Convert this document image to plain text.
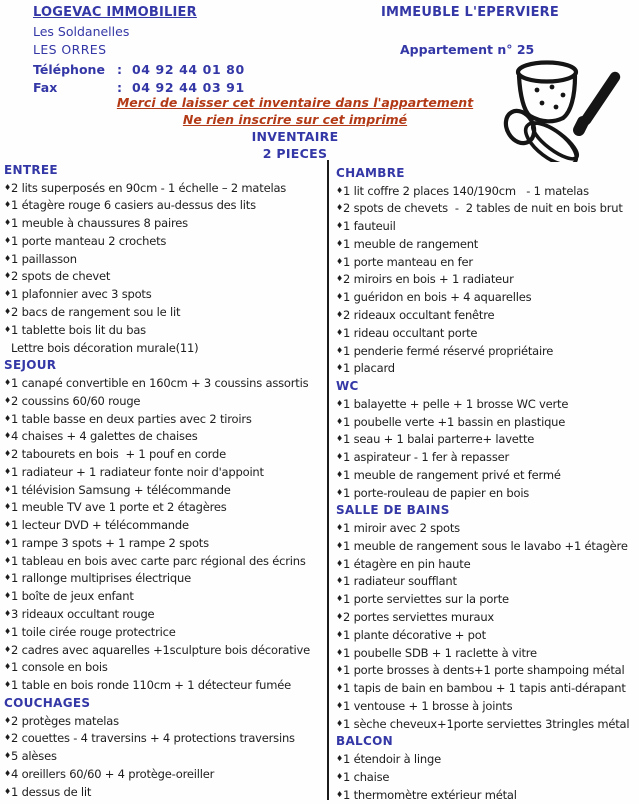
LOGEVAC IMMOBILIER	IMMEUBLE L'EPERVIERE
Les Soldanelles
LES ORRES	Appartement n° 25
Téléphone : 04 92 44 01 80
Fax	: 04 92 44 03 91
Merci de laisser cet inventaire dans l'appartement
Ne rien inscrire sur cet imprimé
INVENTAIRE
2 PIECES
ENTREE
♦ 2 lits superposés en 90cm - 1 échelle – 2 matelas
♦ 1 étagère rouge 6 casiers au-dessus des lits
♦ 1 meuble à chaussures 8 paires
♦ 1 porte manteau 2 crochets
♦ 1 paillasson
♦ 2 spots de chevet
♦ 1 plafonnier avec 3 spots
♦ 2 bacs de rangement sou le lit
♦ 1 tablette bois lit du bas
Lettre bois décoration murale(11)
SEJOUR
♦ 1 canapé convertible en 160cm + 3 coussins assortis
♦ 2 coussins 60/60 rouge
♦ 1 table basse en deux parties avec 2 tiroirs
♦ 4 chaises + 4 galettes de chaises
♦ 2 tabourets en bois  + 1 pouf en corde
♦ 1 radiateur + 1 radiateur fonte noir d'appoint
♦ 1 télévision Samsung + télécommande
♦ 1 meuble TV ave 1 porte et 2 étagères
♦ 1 lecteur DVD + télécommande
♦ 1 rampe 3 spots + 1 rampe 2 spots
♦ 1 tableau en bois avec carte parc régional des écrins
♦ 1 rallonge multiprises électrique
♦ 1 boîte de jeux enfant
♦ 3 rideaux occultant rouge
♦ 1 toile cirée rouge protectrice
♦ 2 cadres avec aquarelles +1sculpture bois décorative
♦ 1 console en bois
♦ 1 table en bois ronde 110cm + 1 détecteur fumée
COUCHAGES
♦ 2 protèges matelas
♦ 2 couettes - 4 traversins + 4 protections traversins
♦ 5 alèses
♦ 4 oreillers 60/60 + 4 protège-oreiller
♦ 1 dessus de lit
CHAMBRE
♦ 1 lit coffre 2 places 140/190cm   - 1 matelas
♦ 2 spots de chevets  -  2 tables de nuit en bois brut
♦ 1 fauteuil
♦ 1 meuble de rangement
♦ 1 porte manteau en fer
♦ 2 miroirs en bois + 1 radiateur
♦ 1 guéridon en bois + 4 aquarelles
♦ 2 rideaux occultant fenêtre
♦ 1 rideau occultant porte
♦ 1 penderie fermé réservé propriétaire
♦ 1 placard
WC
♦ 1 balayette + pelle + 1 brosse WC verte
♦ 1 poubelle verte +1 bassin en plastique
♦ 1 seau + 1 balai parterre+ lavette
♦ 1 aspirateur - 1 fer à repasser
♦ 1 meuble de rangement privé et fermé
♦ 1 porte-rouleau de papier en bois
SALLE DE BAINS
♦ 1 miroir avec 2 spots
♦ 1 meuble de rangement sous le lavabo +1 étagère
♦ 1 étagère en pin haute
♦ 1 radiateur soufflant
♦ 1 porte serviettes sur la porte
♦ 2 portes serviettes muraux
♦ 1 plante décorative + pot
♦ 1 poubelle SDB + 1 raclette à vitre
♦ 1 porte brosses à dents+1 porte shampoing métal
♦ 1 tapis de bain en bambou + 1 tapis anti-dérapant
♦ 1 ventouse + 1 brosse à joints
♦ 1 sèche cheveux+1porte serviettes 3tringles métal
BALCON
♦ 1 étendoir à linge
♦ 1 chaise
♦ 1 thermomètre extérieur métal
